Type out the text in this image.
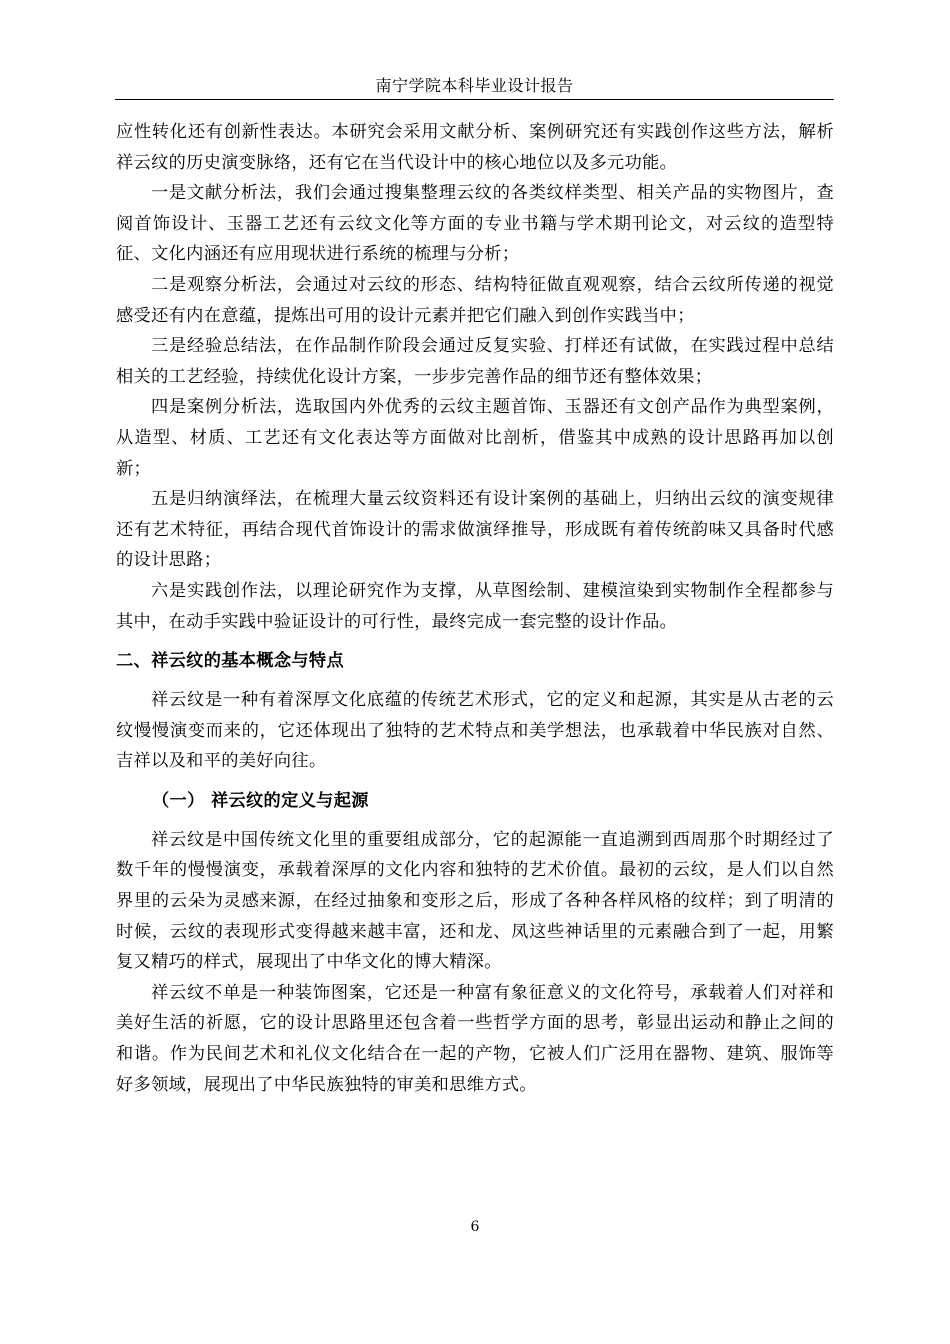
南宁学院本科毕业设计报告

应性转化还有创新性表达。本研究会采用文献分析、案例研究还有实践创作这些方法，解析祥云纹的历史演变脉络，还有它在当代设计中的核心地位以及多元功能。

一是文献分析法，我们会通过搜集整理云纹的各类纹样类型、相关产品的实物图片，查阅首饰设计、玉器工艺还有云纹文化等方面的专业书籍与学术期刊论文，对云纹的造型特征、文化内涵还有应用现状进行系统的梳理与分析；

二是观察分析法，会通过对云纹的形态、结构特征做直观观察，结合云纹所传递的视觉感受还有内在意蕴，提炼出可用的设计元素并把它们融入到创作实践当中；

三是经验总结法，在作品制作阶段会通过反复实验、打样还有试做，在实践过程中总结相关的工艺经验，持续优化设计方案，一步步完善作品的细节还有整体效果；

四是案例分析法，选取国内外优秀的云纹主题首饰、玉器还有文创产品作为典型案例，从造型、材质、工艺还有文化表达等方面做对比剖析，借鉴其中成熟的设计思路再加以创新；

五是归纳演绎法，在梳理大量云纹资料还有设计案例的基础上，归纳出云纹的演变规律还有艺术特征，再结合现代首饰设计的需求做演绎推导，形成既有着传统韵味又具备时代感的设计思路；

六是实践创作法，以理论研究作为支撑，从草图绘制、建模渲染到实物制作全程都参与其中，在动手实践中验证设计的可行性，最终完成一套完整的设计作品。

二、祥云纹的基本概念与特点

祥云纹是一种有着深厚文化底蕴的传统艺术形式，它的定义和起源，其实是从古老的云纹慢慢演变而来的，它还体现出了独特的艺术特点和美学想法，也承载着中华民族对自然、吉祥以及和平的美好向往。

（一） 祥云纹的定义与起源

祥云纹是中国传统文化里的重要组成部分，它的起源能一直追溯到西周那个时期经过了数千年的慢慢演变，承载着深厚的文化内容和独特的艺术价值。最初的云纹，是人们以自然界里的云朵为灵感来源，在经过抽象和变形之后，形成了各种各样风格的纹样；到了明清的时候，云纹的表现形式变得越来越丰富，还和龙、凤这些神话里的元素融合到了一起，用繁复又精巧的样式，展现出了中华文化的博大精深。

祥云纹不单是一种装饰图案，它还是一种富有象征意义的文化符号，承载着人们对祥和美好生活的祈愿，它的设计思路里还包含着一些哲学方面的思考，彰显出运动和静止之间的和谐。作为民间艺术和礼仪文化结合在一起的产物，它被人们广泛用在器物、建筑、服饰等好多领域，展现出了中华民族独特的审美和思维方式。

6
